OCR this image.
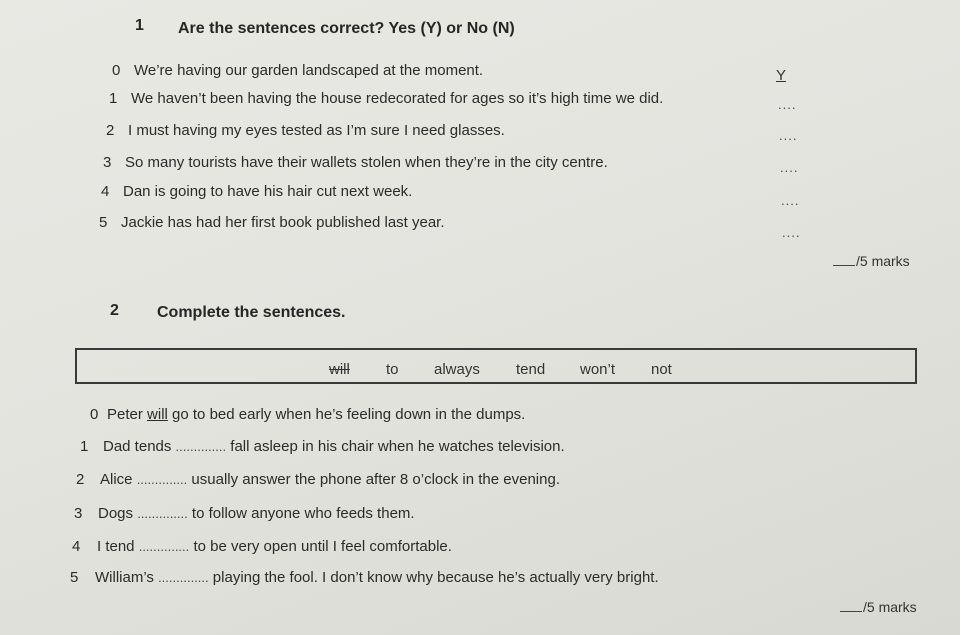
1 Are the sentences correct? Yes (Y) or No (N)
0 We’re having our garden landscaped at the moment.
1 We haven’t been having the house redecorated for ages so it’s high time we did.
2 I must having my eyes tested as I’m sure I need glasses.
3 So many tourists have their wallets stolen when they’re in the city centre.
4 Dan is going to have his hair cut next week.
5 Jackie has had her first book published last year.
Y
....
....
....
....
....
/5 marks
2 Complete the sentences.
will to always tend won’t not
0 Peter will go to bed early when he’s feeling down in the dumps.
1 Dad tends .............. fall asleep in his chair when he watches television.
2 Alice .............. usually answer the phone after 8 o’clock in the evening.
3 Dogs .............. to follow anyone who feeds them.
4 I tend .............. to be very open until I feel comfortable.
5 William’s .............. playing the fool. I don’t know why because he’s actually very bright.
/5 marks
